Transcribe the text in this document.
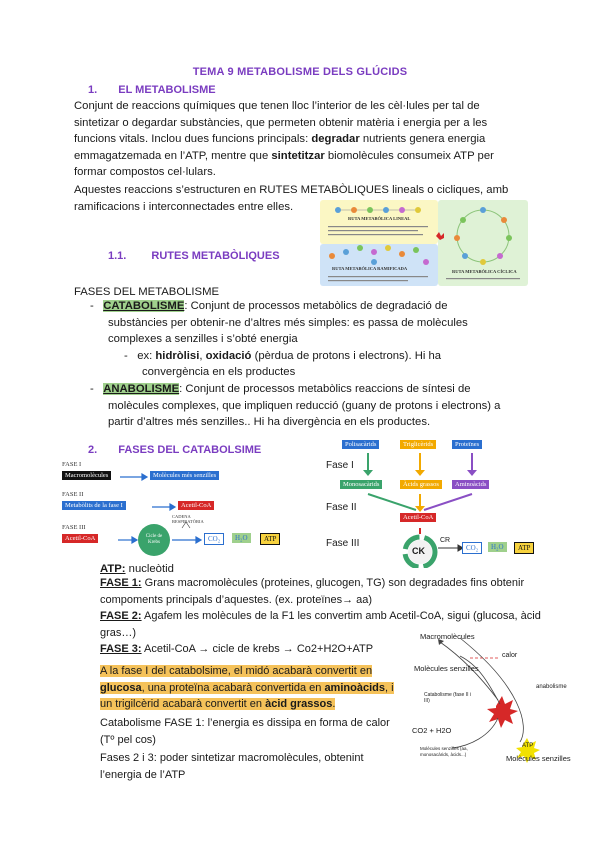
TEMA 9 METABOLISME DELS GLÚCIDS
1. EL METABOLISME
Conjunt de reaccions químiques que tenen lloc l’interior de les cèl·lules per tal de
sintetizar o degardar substàncies, que permeten obtenir matèria i energia per a les
funcions vitals. Inclou dues funcions principals: degradar nutrients genera energia
emmagatzemada en l’ATP, mentre que sintetitzar biomolècules consumeix ATP per
formar compostos cel·lulars.
Aquestes reaccions s’estructuren en RUTES METABÒLIQUES lineals o cicliques, amb
ramificacions i interconnectades entre elles.
RUTA METABÓLICA LINEAL
RUTA METABÓLICA RAMIFICADA
RUTA METABÓLICA CÍCLICA
1.1. RUTES METABÒLIQUES
FASES DEL METABOLISME
- CATABOLISME: Conjunt de processos metabòlics de degradació de
substàncies per obtenir-ne d’altres més simples: es passa de molècules
complexes a senzilles i s’obté energia
- ex: hidròlisi, oxidació (pèrdua de protons i electrons). Hi ha
convergència en els productes
- ANABOLISME: Conjunt de processos metabòlics reaccions de síntesi de
molècules complexes, que impliquen reducció (guany de protons i electrons) a
partir d’altres més senzilles.. Hi ha divergència en els productes.
2. FASES DEL CATABOLSIME
FASE I
Macromolècules	Molècules més senzilles
FASE II
Metabòlits de la fase I	Acetil-CoA
FASE III
Acetil-CoA	Cicle de Krebs
CADENA RESPIRATÒRIA
CO₂	H₂O	ATP
Polisacàrids	Triglicèrids	Proteïnes
Fase I
Monosacàrids	Àcids grassos	Aminoàcids
Fase II
Acetil-CoA
Fase III
CK
CR
CO₂	H₂O	ATP
ATP: nucleòtid
FASE 1: Grans macromolècules (proteines, glucogen, TG) son degradades fins obtenir
compoments principals d’aquestes. (ex. proteïnes→ aa)
FASE 2: Agafem les molècules de la F1 les convertim amb Acetil-CoA, sigui (glucosa, àcid
gras…)
FASE 3: Acetil-CoA → cicle de krebs → Co2+H2O+ATP
A la fase I del catabolsime, el midó acabarà convertit en
glucosa, una proteïna acabarà convertida en aminoàcids, i
un trigilcèrid acabarà convertit en àcid grassos.
Catabolisme FASE 1: l’energia es dissipa en forma de calor
(Tº pel cos)
Fases 2 i 3: poder sintetizar macromolècules, obtenint
l’energia de l’ATP
Macromolècules
calor
Molècules senzilles
anabolisme
Catabolisme (fase II i III)
CO2 + H2O
ATP
Molècules senzilles
Molècules senzilles (aa, monosacàrids, àcids...)
